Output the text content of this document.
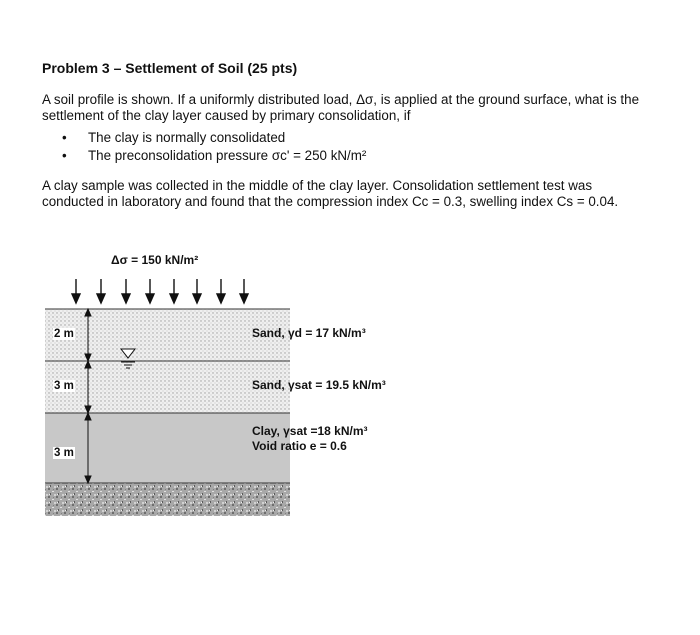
Problem 3 – Settlement of Soil (25 pts)
A soil profile is shown. If a uniformly distributed load, Δσ, is applied at the ground surface, what is the settlement of the clay layer caused by primary consolidation, if
• The clay is normally consolidated
• The preconsolidation pressure σc' = 250 kN/m²
A clay sample was collected in the middle of the clay layer. Consolidation settlement test was conducted in laboratory and found that the compression index Cc = 0.3, swelling index Cs = 0.04.
Δσ = 150 kN/m²
2 m
3 m
3 m
Sand, γd = 17 kN/m³
Sand, γsat = 19.5 kN/m³
Clay, γsat =18 kN/m³
Void ratio e = 0.6
